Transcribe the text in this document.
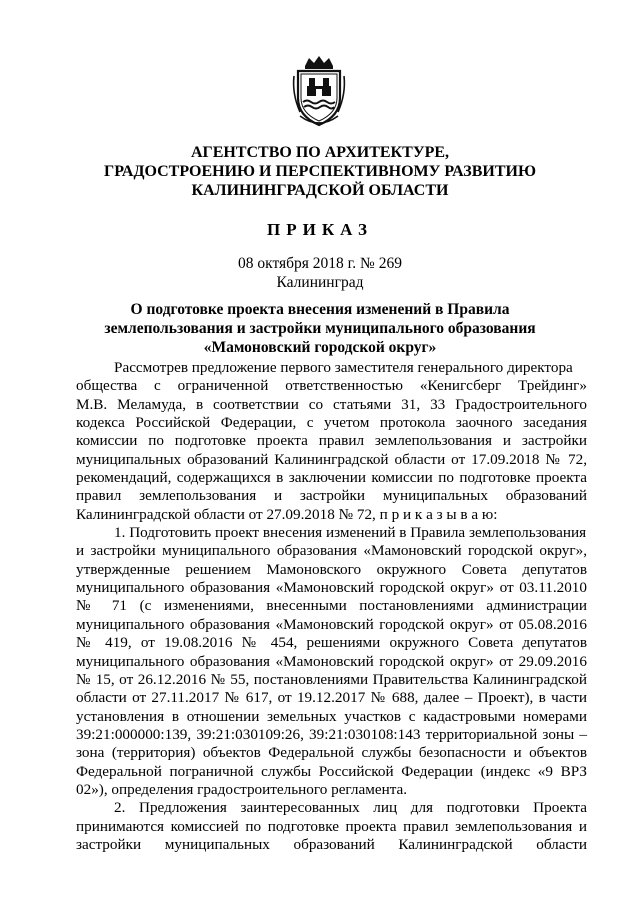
АГЕНТСТВО ПО АРХИТЕКТУРЕ,
ГРАДОСТРОЕНИЮ И ПЕРСПЕКТИВНОМУ РАЗВИТИЮ
КАЛИНИНГРАДСКОЙ ОБЛАСТИ
ПРИКАЗ
08 октября 2018 г. № 269
Калининград
О подготовке проекта внесения изменений в Правила
землепользования и застройки муниципального образования
«Мамоновский городской округ»
Рассмотрев предложение первого заместителя генерального директора
общества с ограниченной ответственностью «Кенигсберг Трейдинг»
М.В. Меламуда, в соответствии со статьями 31, 33 Градостроительного
кодекса Российской Федерации, с учетом протокола заочного заседания
комиссии по подготовке проекта правил землепользования и застройки
муниципальных образований Калининградской области от 17.09.2018 № 72,
рекомендаций, содержащихся в заключении комиссии по подготовке проекта
правил землепользования и застройки муниципальных образований
Калининградской области от 27.09.2018 № 72, п р и к а з ы в а ю:
1. Подготовить проект внесения изменений в Правила землепользования
и застройки муниципального образования «Мамоновский городской округ»,
утвержденные решением Мамоновского окружного Совета депутатов
муниципального образования «Мамоновский городской округ» от 03.11.2010
№ 71 (с изменениями, внесенными постановлениями администрации
муниципального образования «Мамоновский городской округ» от 05.08.2016
№ 419, от 19.08.2016 № 454, решениями окружного Совета депутатов
муниципального образования «Мамоновский городской округ» от 29.09.2016
№ 15, от 26.12.2016 № 55, постановлениями Правительства Калининградской
области от 27.11.2017 № 617, от 19.12.2017 № 688, далее – Проект), в части
установления в отношении земельных участков с кадастровыми номерами
39:21:000000:139, 39:21:030109:26, 39:21:030108:143 территориальной зоны –
зона (территория) объектов Федеральной службы безопасности и объектов
Федеральной пограничной службы Российской Федерации (индекс «9 ВРЗ
02»), определения градостроительного регламента.
2. Предложения заинтересованных лиц для подготовки Проекта
принимаются комиссией по подготовке проекта правил землепользования и
застройки муниципальных образований Калининградской области
